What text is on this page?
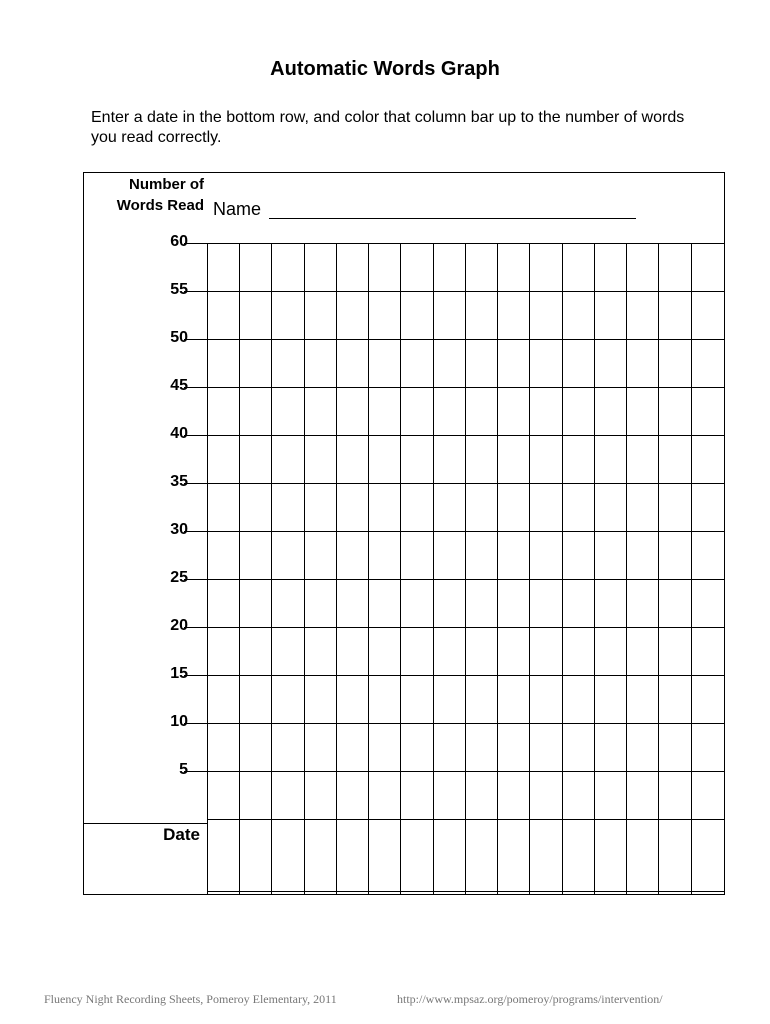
Automatic Words Graph
Enter a date in the bottom row, and color that column bar up to the number of words you read correctly.
Number of
Words Read Name
60
55
50
45
40
35
30
25
20
15
10
5
Date
Fluency Night Recording Sheets, Pomeroy Elementary, 2011	http://www.mpsaz.org/pomeroy/programs/intervention/
